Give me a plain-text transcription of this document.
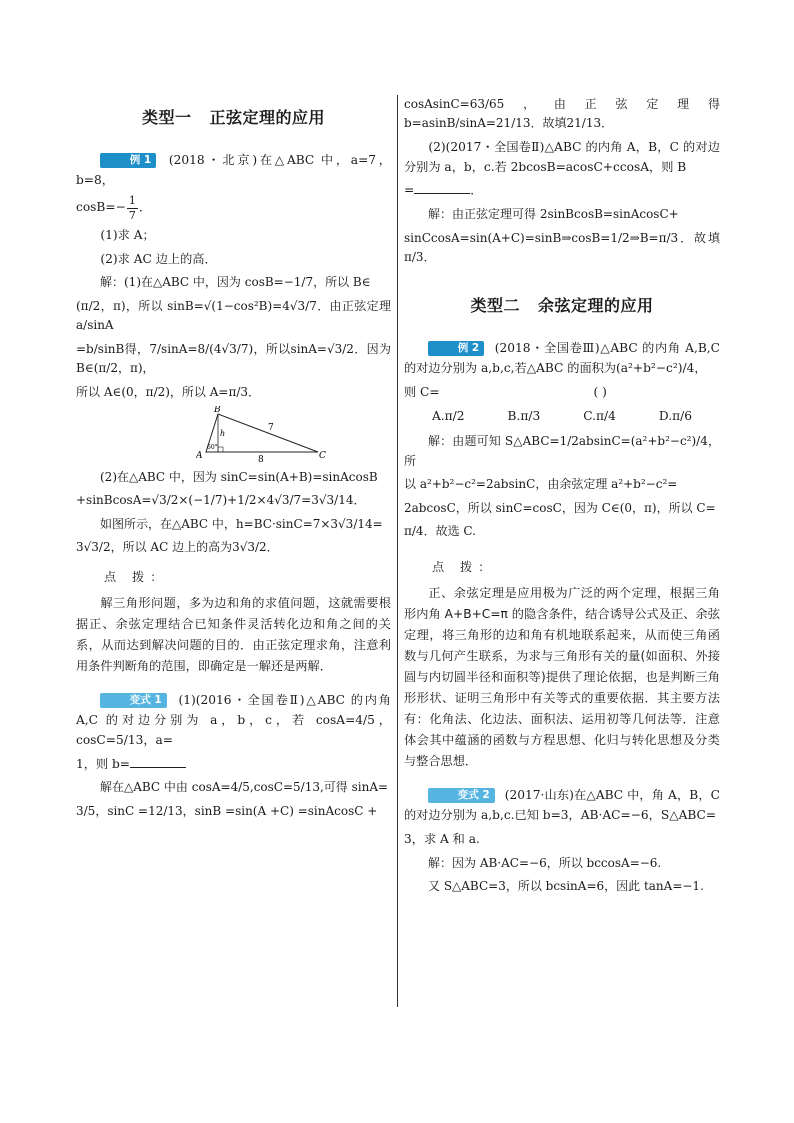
类型一 正弦定理的应用

例 1 (2018・北京)在△ABC 中，a=7，b=8，

$\cos B=- \frac{1}{7}$ ．

(1)求 A；

(2)求 AC 边上的高．

解：(1)在△ABC 中，因为 cosB=−1/7，所以 B∈

(π/2，π)，所以 sinB=√(1−cos²B)=4√3/7．由正弦定理 a/sinA

=b/sinB得，7/sinA=8/(4√3/7)，所以sinA=√3/2．因为B∈(π/2，π)，

所以 A∈(0，π/2)，所以 A=π/3．

B
A	C
7
8
h
60°

(2)在△ABC 中，因为 sinC=sin(A+B)=sinAcosB

+sinBcosA=√3/2×(−1/7)+1/2×4√3/7=3√3/14．

如图所示，在△ABC 中，h=BC·sinC=7×3√3/14=

3√3/2，所以 AC 边上的高为3√3/2．

点 拨：

解三角形问题，多为边和角的求值问题，这就需要根据正、余弦定理结合已知条件灵活转化边和角之间的关系，从而达到解决问题的目的．由正弦定理求角，注意利用条件判断角的范围，即确定是一解还是两解．

变式 1 (1)(2016・全国卷Ⅱ)△ABC 的内角 A,C 的对边分别为 a，b，c，若 cosA=4/5，cosC=5/13，a=

1，则 b=

解在△ABC 中由 cosA=4/5,cosC=5/13,可得 sinA=

3/5，sinC =12/13，sinB =sin(A +C) =sinAcosC +

cosAsinC=63/65，由正弦定理得 b=asinB/sinA=21/13．故填21/13．

(2)(2017・全国卷Ⅱ)△ABC 的内角 A，B，C 的对边分别为 a，b，c.若 2bcosB=acosC+ccosA，则 B

=	．

解：由正弦定理可得 2sinBcosB=sinAcosC+

sinCcosA=sin(A+C)=sinB⇒cosB=1/2⇒B=π/3．故填π/3．

类型二 余弦定理的应用

例 2 (2018・全国卷Ⅲ)△ABC 的内角 A,B,C 的对边分别为 a,b,c,若△ABC 的面积为(a²+b²−c²)/4，

则 C=	( )

A.π/2	B.π/3	C.π/4	D.π/6

解：由题可知 S△ABC=1/2absinC=(a²+b²−c²)/4，所

以 a²+b²−c²=2absinC，由余弦定理 a²+b²−c²=

2abcosC，所以 sinC=cosC，因为 C∈(0，π)，所以 C=

π/4．故选 C.

点 拨：

正、余弦定理是应用极为广泛的两个定理，根据三角形内角 A+B+C=π 的隐含条件，结合诱导公式及正、余弦定理，将三角形的边和角有机地联系起来，从而使三角函数与几何产生联系，为求与三角形有关的量(如面积、外接圆与内切圆半径和面积等)提供了理论依据，也是判断三角形形状、证明三角形中有关等式的重要依据．其主要方法有：化角法、化边法、面积法、运用初等几何法等．注意体会其中蕴涵的函数与方程思想、化归与转化思想及分类与整合思想．

变式 2 (2017·山东)在△ABC 中，角 A，B，C 的对边分别为 a,b,c.已知 b=3，AB·AC=−6，S△ABC=

3，求 A 和 a.

解：因为 AB·AC=−6，所以 bccosA=−6.

又 S△ABC=3，所以 bcsinA=6，因此 tanA=−1.
